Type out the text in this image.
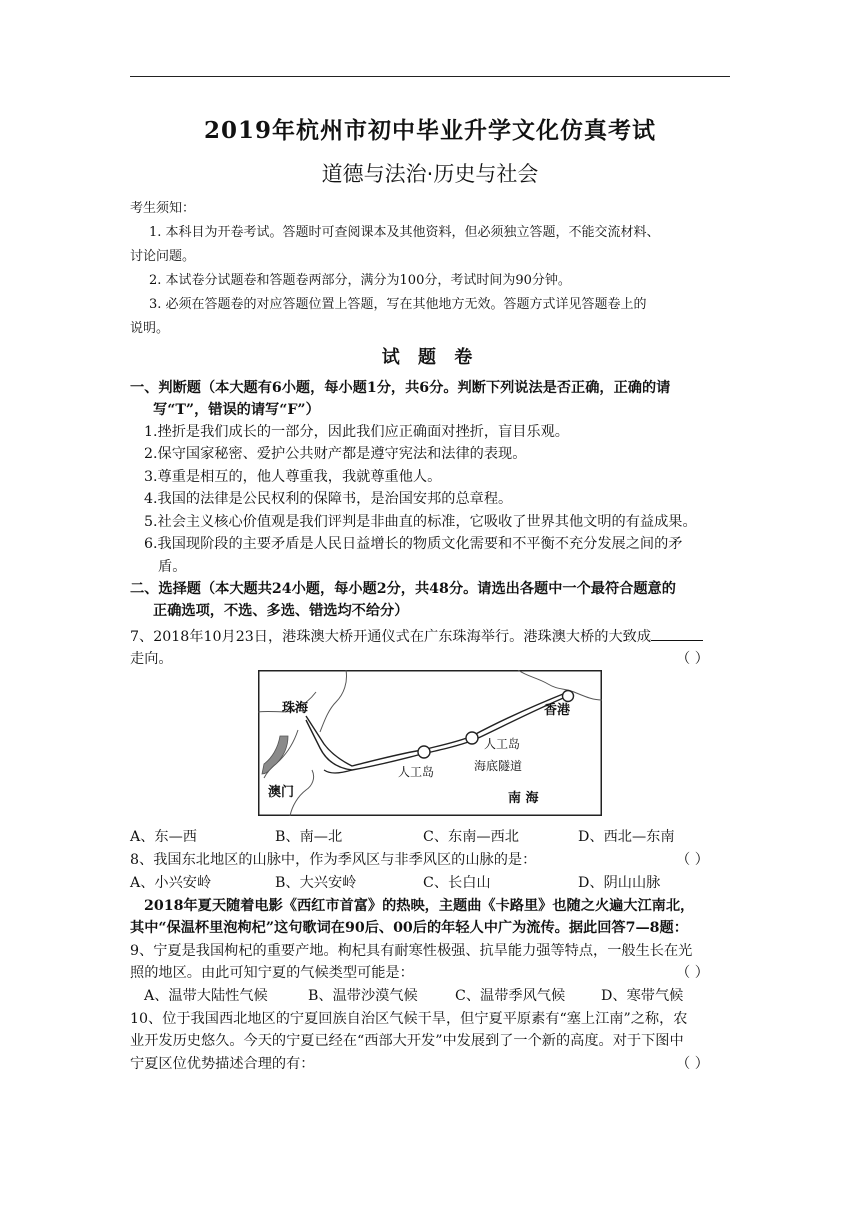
2019年杭州市初中毕业升学文化仿真考试
道德与法治·历史与社会
考生须知：
1. 本科目为开卷考试。答题时可查阅课本及其他资料，但必须独立答题，不能交流材料、
讨论问题。
2. 本试卷分试题卷和答题卷两部分，满分为100分，考试时间为90分钟。
3. 必须在答题卷的对应答题位置上答题，写在其他地方无效。答题方式详见答题卷上的
说明。
试 题 卷
一、判断题（本大题有6小题，每小题1分，共6分。判断下列说法是否正确，正确的请
写“T”，错误的请写“F”）
1.挫折是我们成长的一部分，因此我们应正确面对挫折，盲目乐观。
2.保守国家秘密、爱护公共财产都是遵守宪法和法律的表现。
3.尊重是相互的，他人尊重我，我就尊重他人。
4.我国的法律是公民权利的保障书，是治国安邦的总章程。
5.社会主义核心价值观是我们评判是非曲直的标准，它吸收了世界其他文明的有益成果。
6.我国现阶段的主要矛盾是人民日益增长的物质文化需要和不平衡不充分发展之间的矛
盾。
二、选择题（本大题共24小题，每小题2分，共48分。请选出各题中一个最符合题意的
正确选项，不选、多选、错选均不给分）
7、2018年10月23日，港珠澳大桥开通仪式在广东珠海举行。港珠澳大桥的大致成
走向。	（ ）
珠海	香港
澳门
人工岛
人工岛
海底隧道
南 海
A、东—西	B、南—北	C、东南—西北	D、西北—东南
8、我国东北地区的山脉中，作为季风区与非季风区的山脉的是：	（ ）
A、小兴安岭	B、大兴安岭	C、长白山	D、阴山山脉
2018年夏天随着电影《西红市首富》的热映，主题曲《卡路里》也随之火遍大江南北，
其中“保温杯里泡枸杞”这句歌词在90后、00后的年轻人中广为流传。据此回答7—8题：
9、宁夏是我国枸杞的重要产地。枸杞具有耐寒性极强、抗旱能力强等特点，一般生长在光
照的地区。由此可知宁夏的气候类型可能是：	（ ）
A、温带大陆性气候	B、温带沙漠气候	C、温带季风气候	D、寒带气候
10、位于我国西北地区的宁夏回族自治区气候干旱，但宁夏平原素有“塞上江南”之称，农
业开发历史悠久。今天的宁夏已经在“西部大开发”中发展到了一个新的高度。对于下图中
宁夏区位优势描述合理的有：	（ ）
